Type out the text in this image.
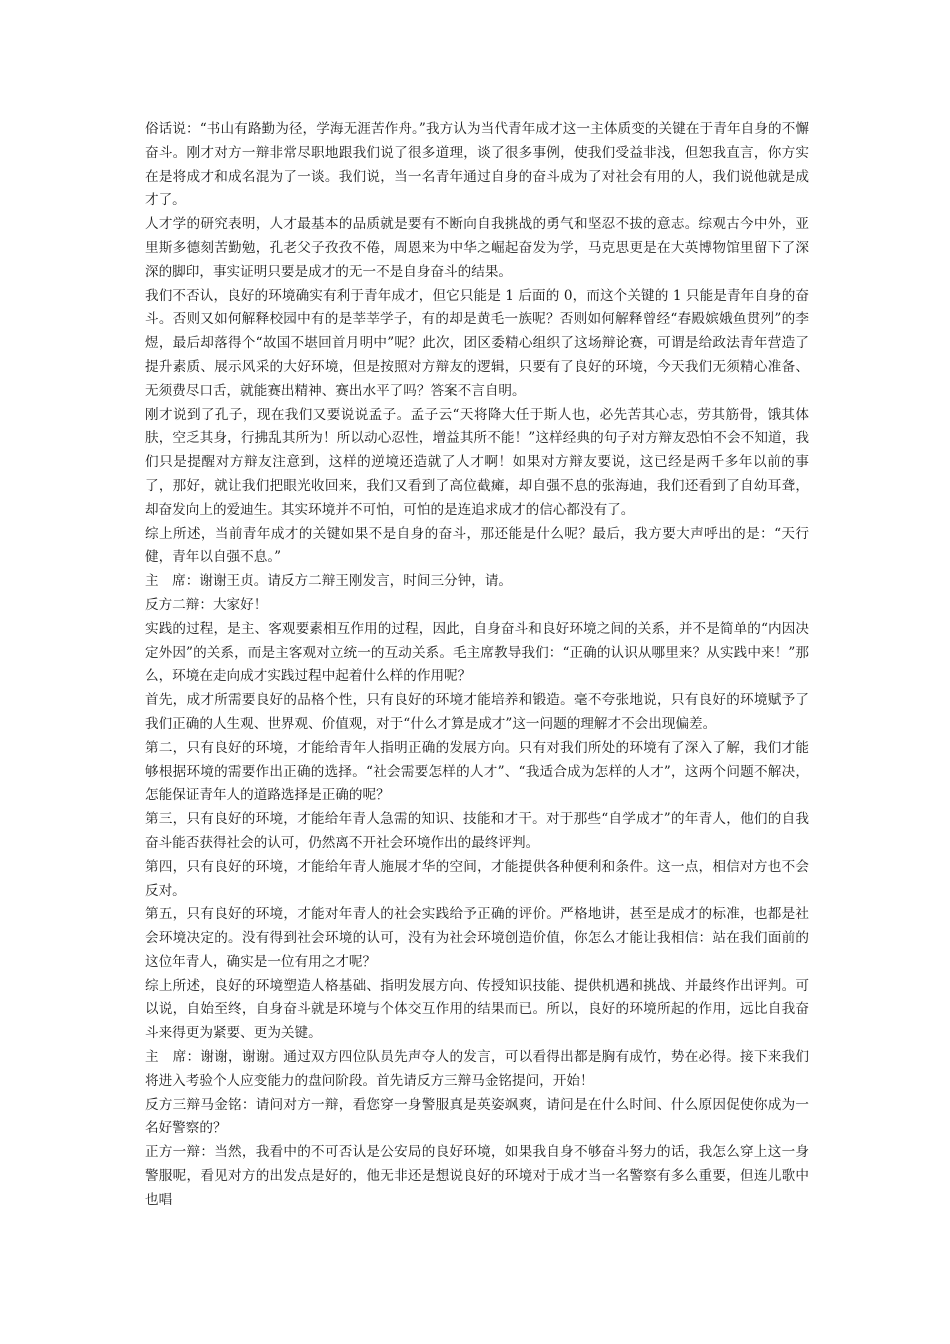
俗话说：“书山有路勤为径，学海无涯苦作舟。”我方认为当代青年成才这一主体质变的关键在于青年自身的不懈奋斗。刚才对方一辩非常尽职地跟我们说了很多道理，谈了很多事例，使我们受益非浅，但恕我直言，你方实在是将成才和成名混为了一谈。我们说，当一名青年通过自身的奋斗成为了对社会有用的人，我们说他就是成才了。

人才学的研究表明，人才最基本的品质就是要有不断向自我挑战的勇气和坚忍不拔的意志。综观古今中外，亚里斯多德刻苦勤勉，孔老父子孜孜不倦，周恩来为中华之崛起奋发为学，马克思更是在大英博物馆里留下了深深的脚印，事实证明只要是成才的无一不是自身奋斗的结果。

我们不否认，良好的环境确实有利于青年成才，但它只能是 1 后面的 0，而这个关键的 1 只能是青年自身的奋斗。否则又如何解释校园中有的是莘莘学子，有的却是黄毛一族呢？否则如何解释曾经“春殿嫔娥鱼贯列”的李煜，最后却落得个“故国不堪回首月明中”呢？此次，团区委精心组织了这场辩论赛，可谓是给政法青年营造了提升素质、展示风采的大好环境，但是按照对方辩友的逻辑，只要有了良好的环境，今天我们无须精心准备、无须费尽口舌，就能赛出精神、赛出水平了吗？答案不言自明。

刚才说到了孔子，现在我们又要说说孟子。孟子云“天将降大任于斯人也，必先苦其心志，劳其筋骨，饿其体肤，空乏其身，行拂乱其所为！所以动心忍性，增益其所不能！”这样经典的句子对方辩友恐怕不会不知道，我们只是提醒对方辩友注意到，这样的逆境还造就了人才啊！如果对方辩友要说，这已经是两千多年以前的事了，那好，就让我们把眼光收回来，我们又看到了高位截瘫，却自强不息的张海迪，我们还看到了自幼耳聋，却奋发向上的爱迪生。其实环境并不可怕，可怕的是连追求成才的信心都没有了。

综上所述，当前青年成才的关键如果不是自身的奋斗，那还能是什么呢？最后，我方要大声呼出的是：“天行健，青年以自强不息。”

主　席：谢谢王贞。请反方二辩王刚发言，时间三分钟，请。

反方二辩：大家好！

实践的过程，是主、客观要素相互作用的过程，因此，自身奋斗和良好环境之间的关系，并不是简单的“内因决定外因”的关系，而是主客观对立统一的互动关系。毛主席教导我们：“正确的认识从哪里来？从实践中来！”那么，环境在走向成才实践过程中起着什么样的作用呢？

首先，成才所需要良好的品格个性，只有良好的环境才能培养和锻造。毫不夸张地说，只有良好的环境赋予了我们正确的人生观、世界观、价值观，对于“什么才算是成才”这一问题的理解才不会出现偏差。

第二，只有良好的环境，才能给青年人指明正确的发展方向。只有对我们所处的环境有了深入了解，我们才能够根据环境的需要作出正确的选择。“社会需要怎样的人才”、“我适合成为怎样的人才”，这两个问题不解决，怎能保证青年人的道路选择是正确的呢？

第三，只有良好的环境，才能给年青人急需的知识、技能和才干。对于那些“自学成才”的年青人，他们的自我奋斗能否获得社会的认可，仍然离不开社会环境作出的最终评判。

第四，只有良好的环境，才能给年青人施展才华的空间，才能提供各种便利和条件。这一点，相信对方也不会反对。

第五，只有良好的环境，才能对年青人的社会实践给予正确的评价。严格地讲，甚至是成才的标准，也都是社会环境决定的。没有得到社会环境的认可，没有为社会环境创造价值，你怎么才能让我相信：站在我们面前的这位年青人，确实是一位有用之才呢？

综上所述，良好的环境塑造人格基础、指明发展方向、传授知识技能、提供机遇和挑战、并最终作出评判。可以说，自始至终，自身奋斗就是环境与个体交互作用的结果而已。所以，良好的环境所起的作用，远比自我奋斗来得更为紧要、更为关键。

主　席：谢谢，谢谢。通过双方四位队员先声夺人的发言，可以看得出都是胸有成竹，势在必得。接下来我们将进入考验个人应变能力的盘问阶段。首先请反方三辩马金铭提问，开始！

反方三辩马金铭：请问对方一辩，看您穿一身警服真是英姿飒爽，请问是在什么时间、什么原因促使你成为一名好警察的？

正方一辩：当然，我看中的不可否认是公安局的良好环境，如果我自身不够奋斗努力的话，我怎么穿上这一身警服呢，看见对方的出发点是好的，他无非还是想说良好的环境对于成才当一名警察有多么重要，但连儿歌中也唱
